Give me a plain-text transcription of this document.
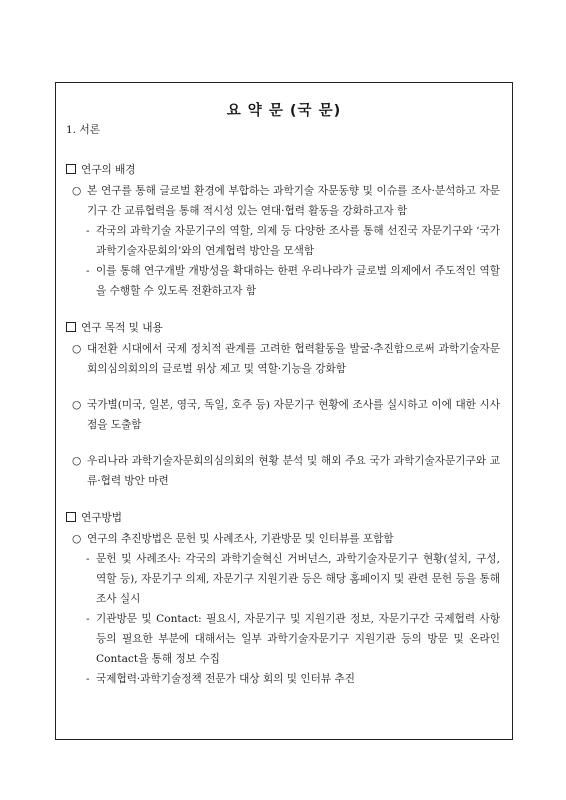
요 약 문 (국 문)
1. 서론
연구의 배경
○ 본 연구를 통해 글로벌 환경에 부합하는 과학기술 자문동향 및 이슈를 조사·분석하고 자문기구 간 교류협력을 통해 적시성 있는 연대·협력 활동을 강화하고자 함
- 각국의 과학기술 자문기구의 역할, 의제 등 다양한 조사를 통해 선진국 자문기구와 ‘국가과학기술자문회의’와의 연계협력 방안을 모색함
- 이를 통해 연구개발 개방성을 확대하는 한편 우리나라가 글로벌 의제에서 주도적인 역할을 수행할 수 있도록 전환하고자 함
연구 목적 및 내용
○ 대전환 시대에서 국제 정치적 관계를 고려한 협력활동을 발굴·추진함으로써 과학기술자문회의심의회의의 글로벌 위상 제고 및 역할·기능을 강화함
○ 국가별(미국, 일본, 영국, 독일, 호주 등) 자문기구 현황에 조사를 실시하고 이에 대한 시사점을 도출함
○ 우리나라 과학기술자문회의심의회의 현황 분석 및 해외 주요 국가 과학기술자문기구와 교류·협력 방안 마련
연구방법
○ 연구의 추진방법은 문헌 및 사례조사, 기관방문 및 인터뷰를 포함함
- 문헌 및 사례조사: 각국의 과학기술혁신 거버넌스, 과학기술자문기구 현황(설치, 구성, 역할 등), 자문기구 의제, 자문기구 지원기관 등은 해당 홈페이지 및 관련 문헌 등을 통해 조사 실시
- 기관방문 및 Contact: 필요시, 자문기구 및 지원기관 정보, 자문기구간 국제협력 사항 등의 필요한 부분에 대해서는 일부 과학기술자문기구 지원기관 등의 방문 및 온라인 Contact을 통해 정보 수집
- 국제협력·과학기술정책 전문가 대상 회의 및 인터뷰 추진
